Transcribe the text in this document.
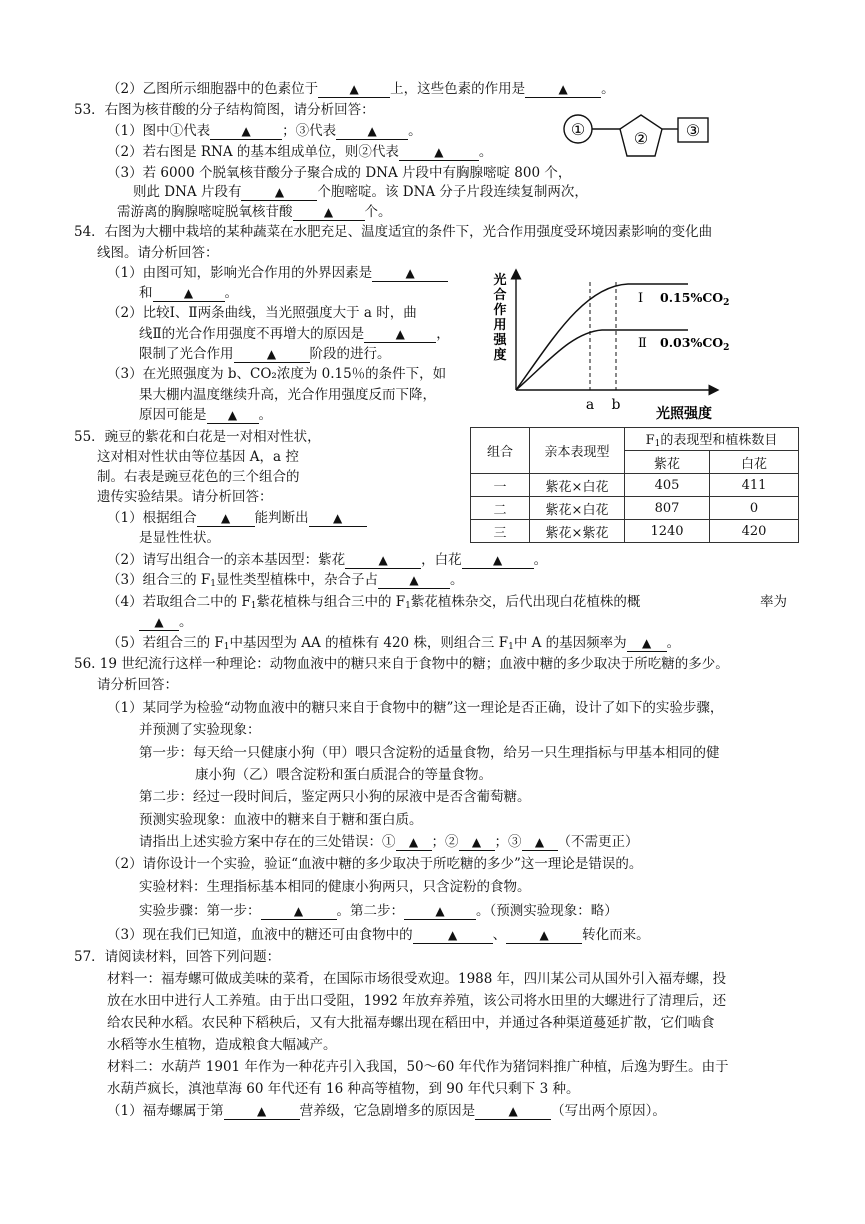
（2）乙图所示细胞器中的色素位于	▲ 上，这些色素的作用是	▲ 。
53．右图为核苷酸的分子结构简图，请分析回答：
（1）图中①代表	▲ ；③代表	▲ 。
（2）若右图是 RNA 的基本组成单位，则②代表	▲	。
（3）若 6000 个脱氧核苷酸分子聚合成的 DNA 片段中有胸腺嘧啶 800 个，
则此 DNA 片段有	▲ 个胞嘧啶。该 DNA 分子片段连续复制两次，
需游离的胸腺嘧啶脱氧核苷酸	▲ 个。
①	② ③
54．右图为大棚中栽培的某种蔬菜在水肥充足、温度适宜的条件下，光合作用强度受环境因素影响的变化曲
线图。请分析回答：
（1）由图可知，影响光合作用的外界因素是	▲
和	▲ 。
（2）比较Ⅰ、Ⅱ两条曲线，当光照强度大于 a 时，曲
线Ⅱ的光合作用强度不再增大的原因是	▲ ，
限制了光合作用	▲ 阶段的进行。
（3）在光照强度为 b、CO₂浓度为 0.15％的条件下，如
果大棚内温度继续升高，光合作用强度反而下降，
原因可能是 ▲ 。
光
合
作
用
强
度
光照强度
a b
Ⅰ $0.15\%CO_2$
Ⅱ $0.03\%CO_2$
55．豌豆的紫花和白花是一对相对性状，
这对相对性状由等位基因 A，a 控
制。右表是豌豆花色的三个组合的
遗传实验结果。请分析回答：
（1）根据组合 ▲ 能判断出 ▲
是显性性状。
（2）请写出组合一的亲本基因型：紫花	▲ ，白花	▲ 。
（3）组合三的 $F_1$显性类型植株中，杂合子占	▲ 。
（4）若取组合二中的 $F_1$紫花植株与组合三中的 $F_1$紫花植株杂交，后代出现白花植株的概	率为
▲ 。
（5）若组合三的 $F_1$中基因型为 AA 的植株有 420 株，则组合三 $F_1$中 A 的基因频率为 ▲ 。
组合	亲本表现型	$F_1$的表现型和植株数目	
		紫花	白花
一	紫花×白花	405	411
二	紫花×白花	807	0
三	紫花×紫花	1240	420
56. 19 世纪流行这样一种理论：动物血液中的糖只来自于食物中的糖；血液中糖的多少取决于所吃糖的多少。
请分析回答：
（1）某同学为检验“动物血液中的糖只来自于食物中的糖”这一理论是否正确，设计了如下的实验步骤，
并预测了实验现象：
第一步：每天给一只健康小狗（甲）喂只含淀粉的适量食物，给另一只生理指标与甲基本相同的健
康小狗（乙）喂含淀粉和蛋白质混合的等量食物。
第二步：经过一段时间后，鉴定两只小狗的尿液中是否含葡萄糖。
预测实验现象：血液中的糖来自于糖和蛋白质。
请指出上述实验方案中存在的三处错误：① ▲ ；② ▲ ；③ ▲ （不需更正）
（2）请你设计一个实验，验证“血液中糖的多少取决于所吃糖的多少”这一理论是错误的。
实验材料：生理指标基本相同的健康小狗两只，只含淀粉的食物。
实验步骤：第一步：	▲ 。第二步：	▲ 。（预测实验现象：略）
（3）现在我们已知道，血液中的糖还可由食物中的	▲	、	▲ 转化而来。
57．请阅读材料，回答下列问题：
材料一：福寿螺可做成美味的菜肴，在国际市场很受欢迎。1988 年，四川某公司从国外引入福寿螺，投
放在水田中进行人工养殖。由于出口受阻，1992 年放弃养殖，该公司将水田里的大螺进行了清理后，还
给农民种水稻。农民种下稻秧后，又有大批福寿螺出现在稻田中，并通过各种渠道蔓延扩散，它们啮食
水稻等水生植物，造成粮食大幅减产。
材料二：水葫芦 1901 年作为一种花卉引入我国，50～60 年代作为猪饲料推广种植，后逸为野生。由于
水葫芦疯长，滇池草海 60 年代还有 16 种高等植物，到 90 年代只剩下 3 种。
（1）福寿螺属于第	▲ 营养级，它急剧增多的原因是	▲ （写出两个原因）。
